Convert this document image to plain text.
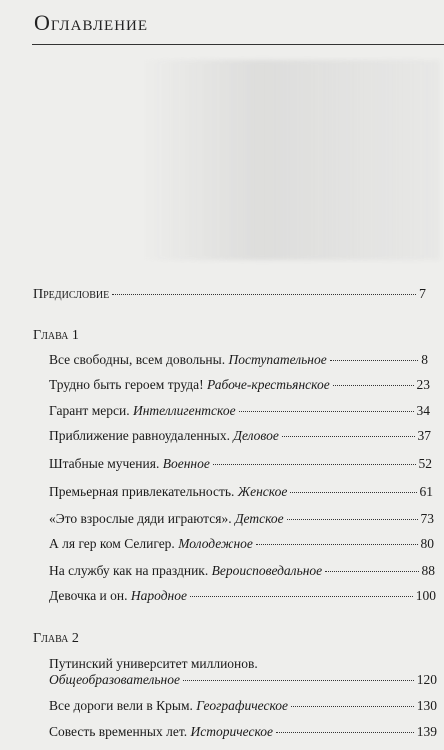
Оглавление
Предисловие	7
Глава 1
Все свободны, всем довольны.
Поступательное	8
Трудно быть героем труда!
Рабоче-крестьянское	23
Гарант мерси.
Интеллигентское	34
Приближение равноудаленных.
Деловое	37
Штабные мучения.
Военное	52
Премьерная привлекательность.
Женское	61
«Это взрослые дяди играются».
Детское	73
А ля гер ком Селигер.
Молодежное	80
На службу как на праздник.
Вероисповедальное	88
Девочка и он.
Народное	100
Глава 2
Путинский университет миллионов.
Общеобразовательное	120
Все дороги вели в Крым.
Географическое	130
Совесть временных лет.
Историческое	139
